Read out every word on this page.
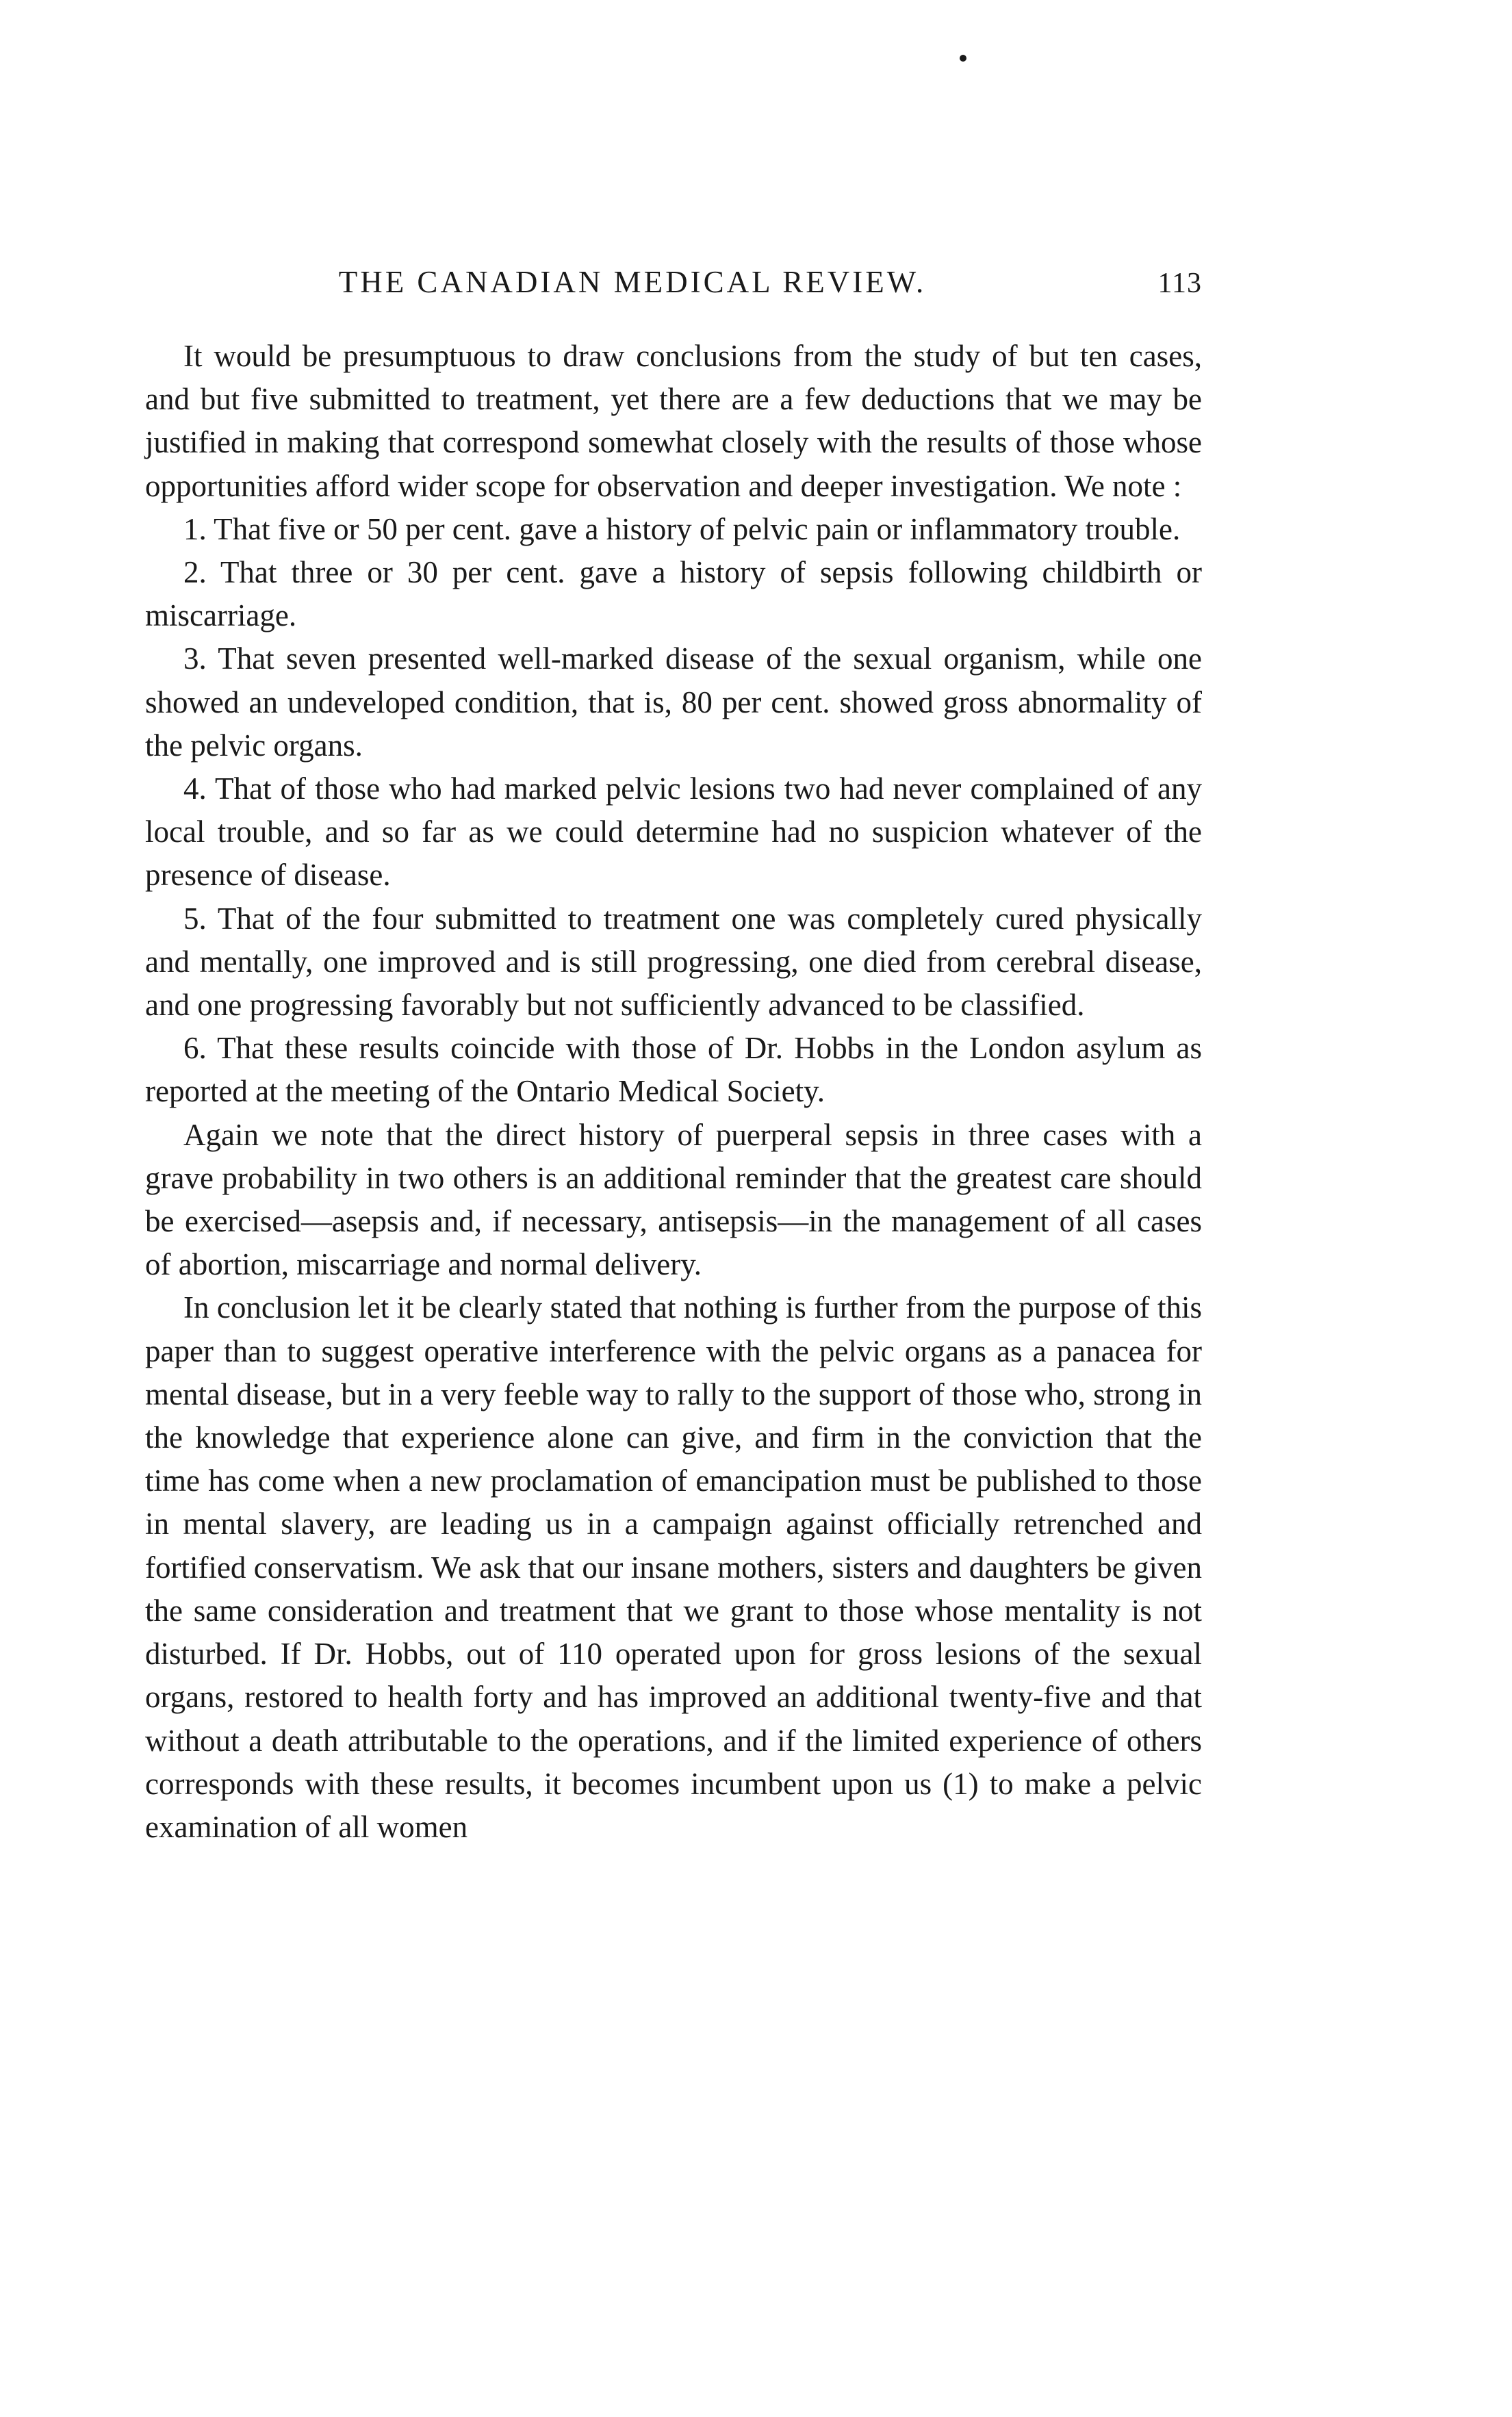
THE CANADIAN MEDICAL REVIEW.	113

It would be presumptuous to draw conclusions from the study of but ten cases, and but five submitted to treatment, yet there are a few deductions that we may be justified in making that correspond somewhat closely with the results of those whose opportunities afford wider scope for observation and deeper investigation. We note :

1. That five or 50 per cent. gave a history of pelvic pain or inflammatory trouble.

2. That three or 30 per cent. gave a history of sepsis following childbirth or miscarriage.

3. That seven presented well-marked disease of the sexual organism, while one showed an undeveloped condition, that is, 80 per cent. showed gross abnormality of the pelvic organs.

4. That of those who had marked pelvic lesions two had never complained of any local trouble, and so far as we could determine had no suspicion whatever of the presence of disease.

5. That of the four submitted to treatment one was completely cured physically and mentally, one improved and is still progressing, one died from cerebral disease, and one progressing favorably but not sufficiently advanced to be classified.

6. That these results coincide with those of Dr. Hobbs in the London asylum as reported at the meeting of the Ontario Medical Society.

Again we note that the direct history of puerperal sepsis in three cases with a grave probability in two others is an additional reminder that the greatest care should be exercised—asepsis and, if necessary, antisepsis—in the management of all cases of abortion, miscarriage and normal delivery.

In conclusion let it be clearly stated that nothing is further from the purpose of this paper than to suggest operative interference with the pelvic organs as a panacea for mental disease, but in a very feeble way to rally to the support of those who, strong in the knowledge that experience alone can give, and firm in the conviction that the time has come when a new proclamation of emancipation must be published to those in mental slavery, are leading us in a campaign against officially retrenched and fortified conservatism. We ask that our insane mothers, sisters and daughters be given the same consideration and treatment that we grant to those whose mentality is not disturbed. If Dr. Hobbs, out of 110 operated upon for gross lesions of the sexual organs, restored to health forty and has improved an additional twenty-five and that without a death attributable to the operations, and if the limited experience of others corresponds with these results, it becomes incumbent upon us (1) to make a pelvic examination of all women
